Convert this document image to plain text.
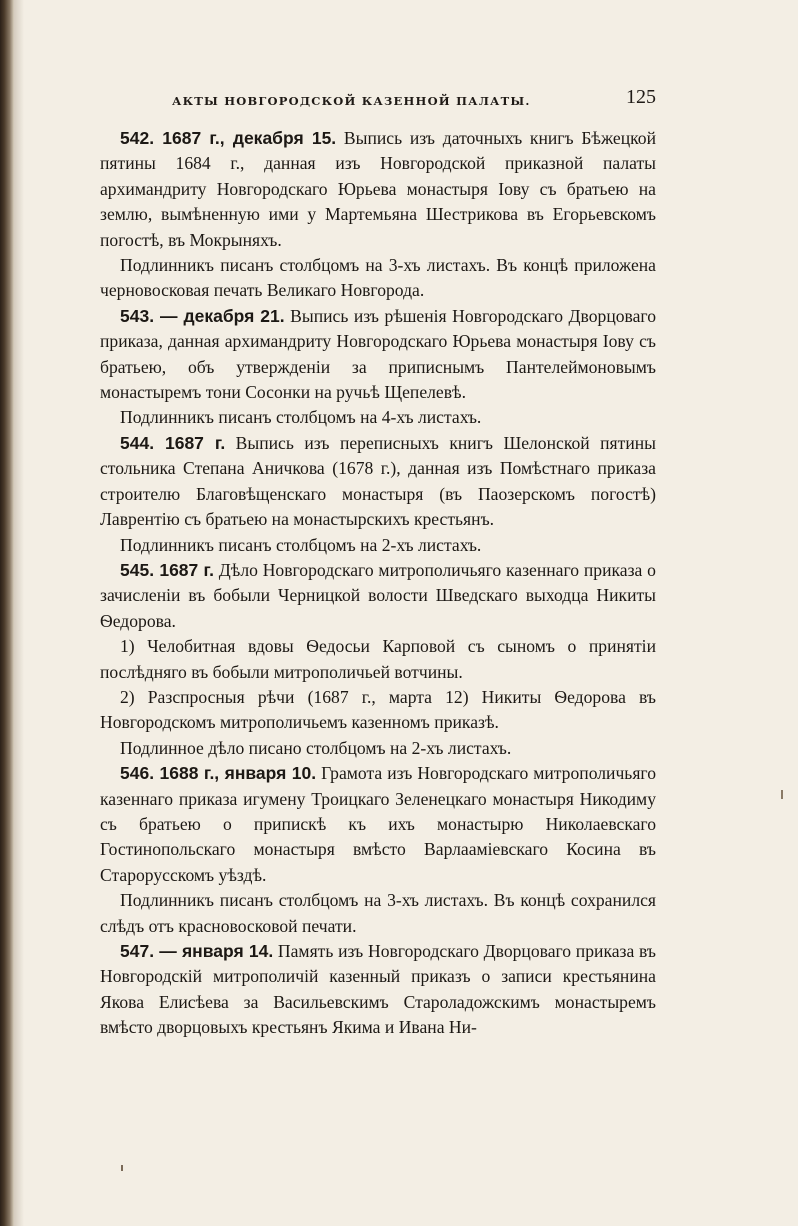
АКТЫ НОВГОРОДСКОЙ КАЗЕННОЙ ПАЛАТЫ.	125

542. 1687 г., декабря 15. Выпись изъ даточныхъ книгъ Бѣжецкой пятины 1684 г., данная изъ Новгородской приказной палаты архимандриту Новгородскаго Юрьева монастыря Іову съ братьею на землю, вымѣненную ими у Мартемьяна Шестрикова въ Егорьевскомъ погостѣ, въ Мокрыняхъ.

Подлинникъ писанъ столбцомъ на 3-хъ листахъ. Въ концѣ приложена черновосковая печать Великаго Новгорода.

543. — декабря 21. Выпись изъ рѣшенія Новгородскаго Дворцоваго приказа, данная архимандриту Новгородскаго Юрьева монастыря Іову съ братьею, объ утвержденіи за приписнымъ Пантелеймоновымъ монастыремъ тони Сосонки на ручьѣ Щепелевѣ.

Подлинникъ писанъ столбцомъ на 4-хъ листахъ.

544. 1687 г. Выпись изъ переписныхъ книгъ Шелонской пятины стольника Степана Аничкова (1678 г.), данная изъ Помѣстнаго приказа строителю Благовѣщенскаго монастыря (въ Паозерскомъ погостѣ) Лаврентію съ братьею на монастырскихъ крестьянъ.

Подлинникъ писанъ столбцомъ на 2-хъ листахъ.

545. 1687 г. Дѣло Новгородскаго митрополичьяго казеннаго приказа о зачисленіи въ бобыли Черницкой волости Шведскаго выходца Никиты Ѳедорова.

1) Челобитная вдовы Ѳедосьи Карповой съ сыномъ о принятіи послѣдняго въ бобыли митрополичьей вотчины.

2) Разспросныя рѣчи (1687 г., марта 12) Никиты Ѳедорова въ Новгородскомъ митрополичьемъ казенномъ приказѣ.

Подлинное дѣло писано столбцомъ на 2-хъ листахъ.

546. 1688 г., января 10. Грамота изъ Новгородскаго митрополичьяго казеннаго приказа игумену Троицкаго Зеленецкаго монастыря Никодиму съ братьею о припискѣ къ ихъ монастырю Николаевскаго Гостинопольскаго монастыря вмѣсто Варлааміевскаго Косина въ Старорусскомъ уѣздѣ.

Подлинникъ писанъ столбцомъ на 3-хъ листахъ. Въ концѣ сохранился слѣдъ отъ красновосковой печати.

547. — января 14. Память изъ Новгородскаго Дворцоваго приказа въ Новгородскій митрополичій казенный приказъ о записи крестьянина Якова Елисѣева за Васильевскимъ Староладожскимъ монастыремъ вмѣсто дворцовыхъ крестьянъ Якима и Ивана Ни-
